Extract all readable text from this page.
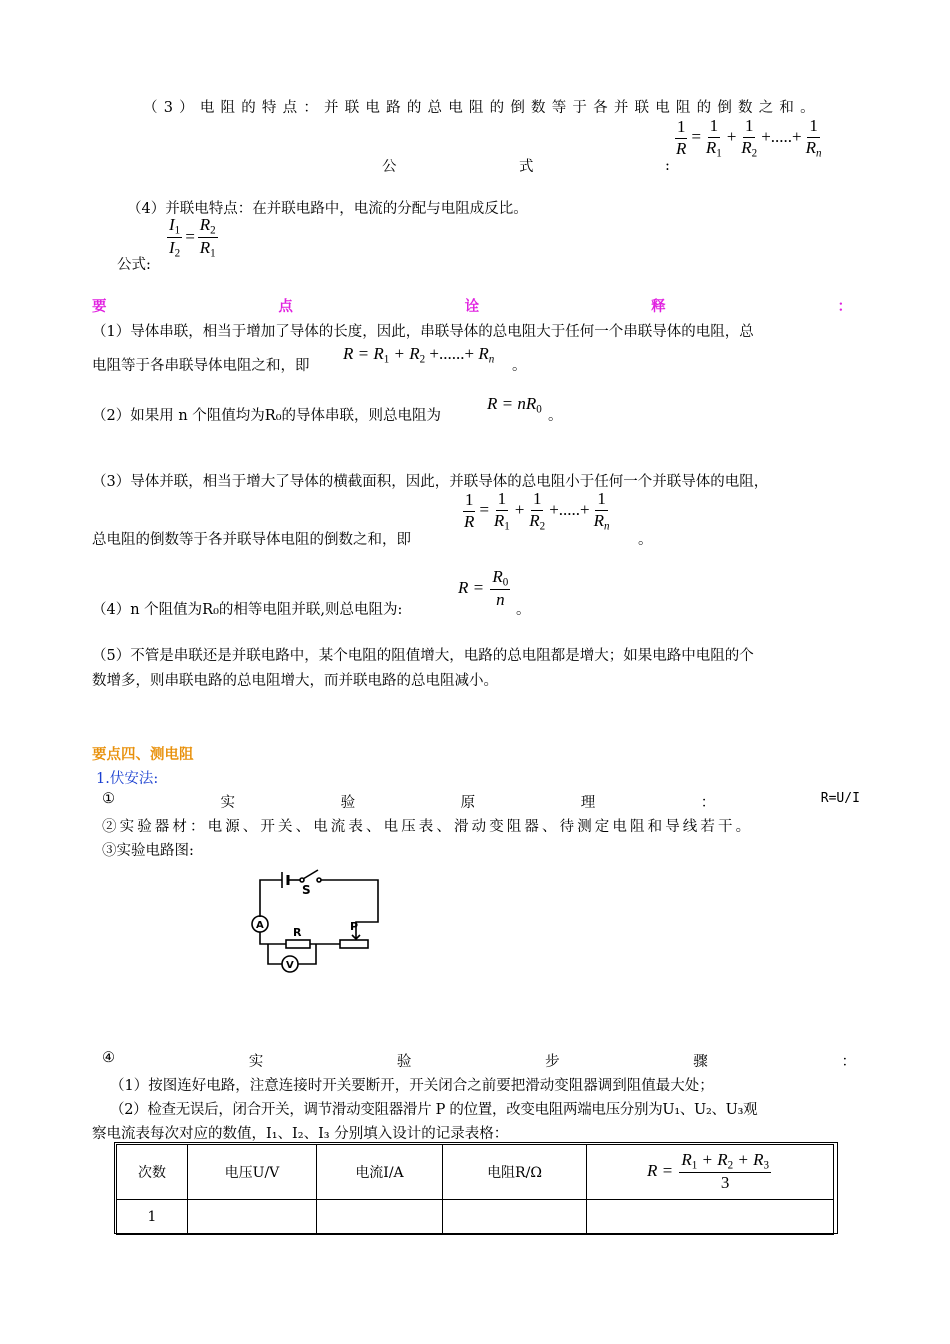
（3）电阻的特点：并联电路的总电阻的倒数等于各并联电阻的倒数之和。
公	式	:
$\frac{1}{R} = \frac{1}{R_1} + \frac{1}{R_2}$ +.....+ $\frac{1}{R_n}$
（4）并联电特点：在并联电路中，电流的分配与电阻成反比。
公式:
$\frac{I_1}{I_2} = \frac{R_2}{R_1}$
要	点	诠	释	：
（1）导体串联，相当于增加了导体的长度，因此，串联导体的总电阻大于任何一个串联导体的电阻，总
电阻等于各串联导体电阻之和，即
$R = R_1 + R_2$ +......+ $R_n$ 。
（2）如果用 n 个阻值均为R₀的导体串联，则总电阻为
$R = nR_0$ 。
（3）导体并联，相当于增大了导体的横截面积，因此，并联导体的总电阻小于任何一个并联导体的电阻，
总电阻的倒数等于各并联导体电阻的倒数之和，即
$\frac{1}{R} = \frac{1}{R_1} + \frac{1}{R_2}$ +.....+ $\frac{1}{R_n}$
。
（4）n 个阻值为R₀的相等电阻并联,则总电阻为:
$R = \frac{R_0}{n}$ 。
（5）不管是串联还是并联电路中，某个电阻的阻值增大，电路的总电阻都是增大；如果电路中电阻的个
数增多，则串联电路的总电阻增大，而并联电路的总电阻减小。
要点四、测电阻
1.伏安法:
①	实	验	原	理	：	R=U/I
②实验器材：电源、开关、电流表、电压表、滑动变阻器、待测定电阻和导线若干。
③实验电路图:
S
A
R	P
V
④	实	验	步	骤	：
（1）按图连好电路，注意连接时开关要断开，开关闭合之前要把滑动变阻器调到阻值最大处；
（2）检查无误后，闭合开关，调节滑动变阻器滑片 P 的位置，改变电阻两端电压分别为U₁、U₂、U₃观
察电流表每次对应的数值，I₁、I₂、I₃ 分别填入设计的记录表格：
次数	电压U/V	电流I/A	电阻R/Ω	$R = \frac{R_1 + R_2 + R_3}{3}$

1				
